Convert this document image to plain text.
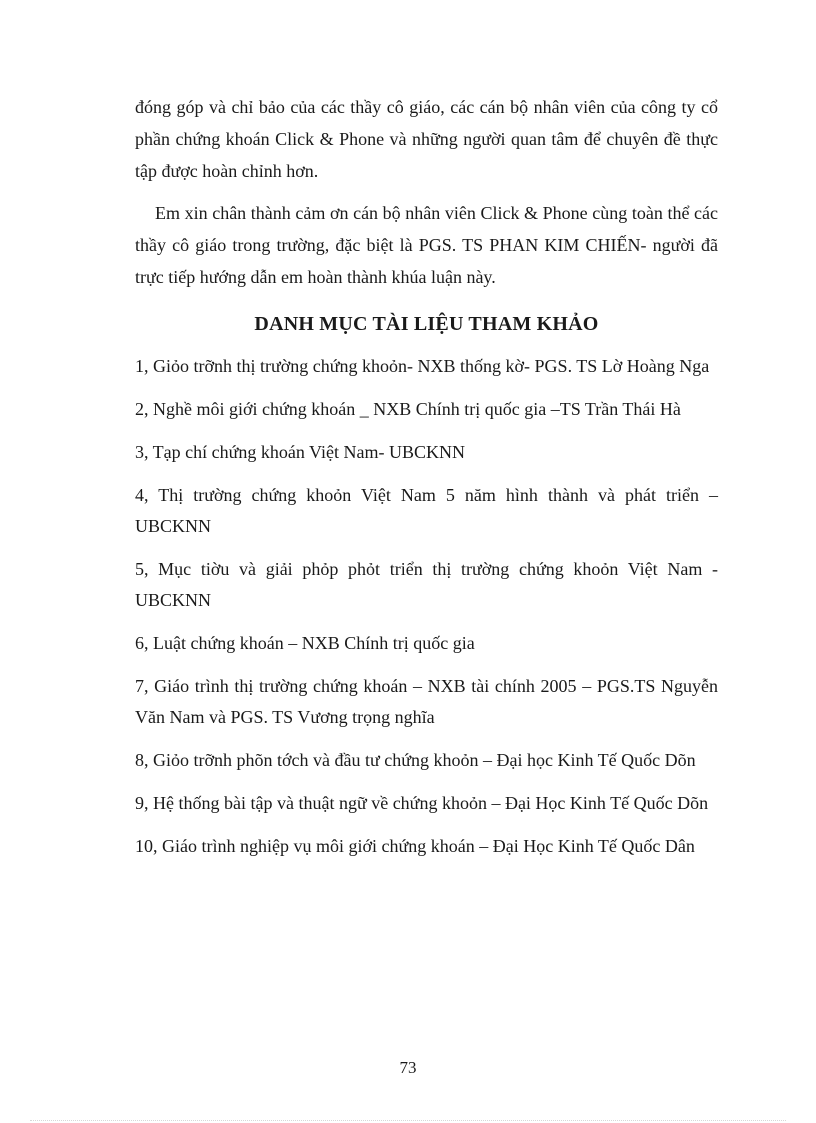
đóng góp và chỉ bảo của các thầy cô giáo, các cán bộ nhân viên của công ty cổ phần chứng khoán Click & Phone và những người quan tâm để chuyên đề thực tập được hoàn chỉnh hơn.

Em xin chân thành cảm ơn cán bộ nhân viên Click & Phone cùng toàn thể các thầy cô giáo trong trường, đặc biệt là PGS. TS PHAN KIM CHIẾN- người đã trực tiếp hướng dẫn em hoàn thành khúa luận này.

DANH MỤC TÀI LIỆU THAM KHẢO
1, Giỏo trỡnh thị trường chứng khoỏn- NXB thống kờ- PGS. TS Lờ Hoàng Nga
2, Nghề môi giới chứng khoán _ NXB Chính trị quốc gia –TS Trần Thái Hà
3, Tạp chí chứng khoán Việt Nam- UBCKNN
4, Thị trường chứng khoỏn Việt Nam 5 năm hình thành và phát triển – UBCKNN
5, Mục tiờu và giải phỏp phỏt triển thị trường chứng khoỏn Việt Nam - UBCKNN
6, Luật chứng khoán – NXB Chính trị quốc gia
7, Giáo trình thị trường chứng khoán – NXB tài chính 2005 – PGS.TS Nguyễn Văn Nam và PGS. TS Vương trọng nghĩa
8, Giỏo trỡnh phõn tớch và đầu tư chứng khoỏn – Đại học Kinh Tế Quốc Dõn
9, Hệ thống bài tập và thuật ngữ về chứng khoỏn – Đại Học Kinh Tế Quốc Dõn
10, Giáo trình nghiệp vụ môi giới chứng khoán – Đại Học Kinh Tế Quốc Dân
73
